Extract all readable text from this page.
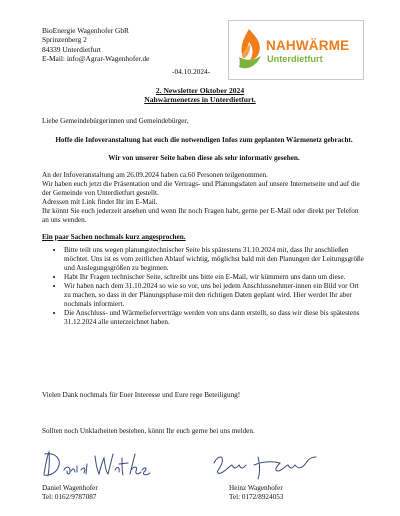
BioEnergie Wagenhofer GbR
Sprinzenberg 2
84339 Unterdietfurt
E-Mail: info@Agrar-Wagenhofer.de
NAHWÄRME
Unterdietfurt
-04.10.2024-
2. Newsletter Oktober 2024
Nahwärmenetzes in Unterdietfurt.

Liebe Gemeindebürgerinnen und Gemeindebürger,

Hoffe die Infoveranstaltung hat euch die notwendigen Infos zum geplanten Wärmenetz gebracht.

Wir von unserer Seite haben diese als sehr informativ gesehen.

An der Infoveranstaltung am 26.09.2024 haben ca.60 Personen teilgenommen.

Wir haben euch jetzt die Präsentation und die Vertrags- und Planungsdaten auf unsere Internetseite und auf die der Gemeinde von Unterdietfurt gestellt.

Adressen mit Link findet Ihr im E-Mail.

Ihr könnt Sie euch jederzeit ansehen und wenn Ihr noch Fragen habt, gerne per E-Mail oder direkt per Telefon an uns wenden.

Ein paar Sachen nochmals kurz angesprochen.

• Bitte teilt uns wegen planungstechnischer Seite bis spätestens 31.10.2024 mit, dass Ihr anschließen möchtet. Uns ist es vom zeitlichen Ablauf wichtig, möglichst bald mit den Planungen der Leitungsgröße und Auslegungsgrößen zu beginnen.
• Habt Ihr Fragen technischer Seite, schreibt uns bitte ein E-Mail, wir kümmern uns dann um diese.
• Wir haben nach dem 31.10.2024 so wie so vor, uns bei jedem Anschlussnehmer-innen ein Bild vor Ort zu machen, so dass in der Planungsphase mit den richtigen Daten geplant wird. Hier werdet Ihr aber nochmals informiert.
• Die Anschluss- und Wärmelieferverträge werden von uns dann erstellt, so dass wir diese bis spätestens 31.12.2024 alle unterzeichnet haben.
Vielen Dank nochmals für Euer Interesse und Eure rege Beteiligung!
Sollten noch Unklarheiten bestehen, könnt Ihr euch gerne bei uns melden.
Daniel Wagenhofer
Tel: 0162/9787087
Heinz Wagenhofer
Tel: 0172/8924053
